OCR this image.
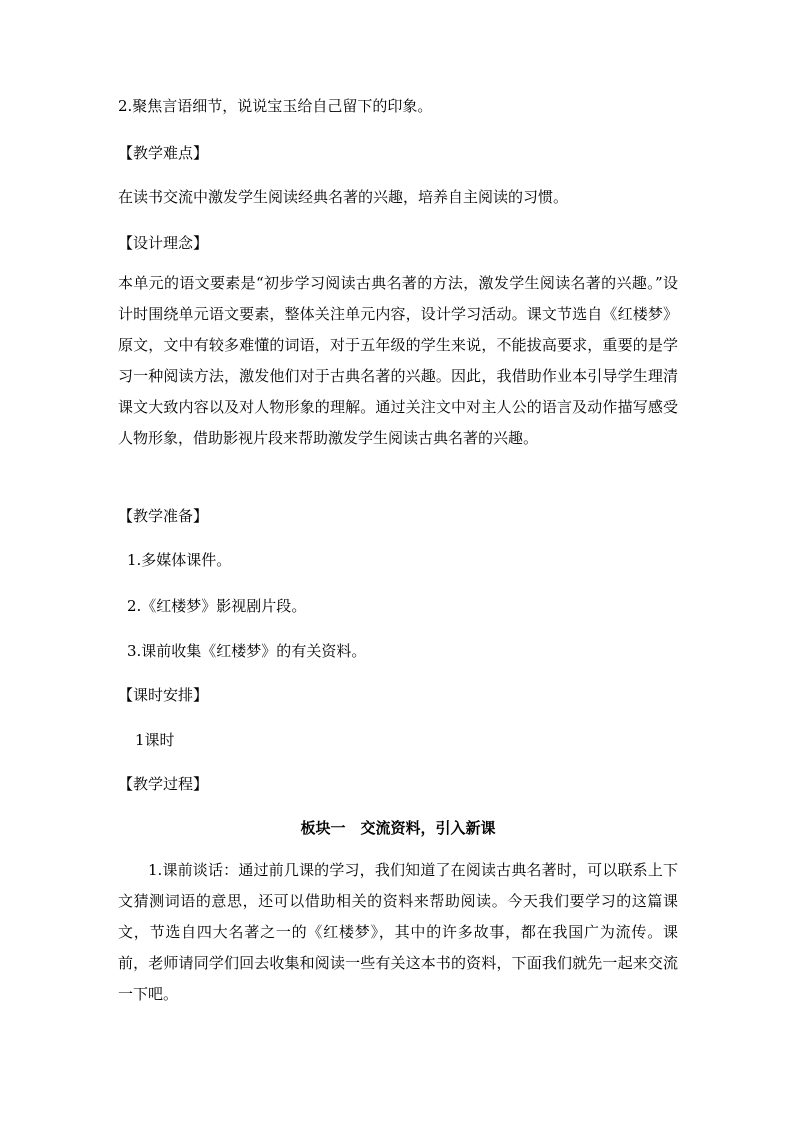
2.聚焦言语细节，说说宝玉给自己留下的印象。
【教学难点】
在读书交流中激发学生阅读经典名著的兴趣，培养自主阅读的习惯。
【设计理念】
本单元的语文要素是“初步学习阅读古典名著的方法，激发学生阅读名著的兴趣。”设计时围绕单元语文要素，整体关注单元内容，设计学习活动。课文节选自《红楼梦》原文，文中有较多难懂的词语，对于五年级的学生来说，不能拔高要求，重要的是学习一种阅读方法，激发他们对于古典名著的兴趣。因此，我借助作业本引导学生理清课文大致内容以及对人物形象的理解。通过关注文中对主人公的语言及动作描写感受人物形象，借助影视片段来帮助激发学生阅读古典名著的兴趣。
【教学准备】
1.多媒体课件。
2.《红楼梦》影视剧片段。
3.课前收集《红楼梦》的有关资料。
【课时安排】
1课时
【教学过程】
板块一　交流资料，引入新课
1.课前谈话：通过前几课的学习，我们知道了在阅读古典名著时，可以联系上下文猜测词语的意思，还可以借助相关的资料来帮助阅读。今天我们要学习的这篇课文，节选自四大名著之一的《红楼梦》，其中的许多故事，都在我国广为流传。课前，老师请同学们回去收集和阅读一些有关这本书的资料，下面我们就先一起来交流一下吧。
